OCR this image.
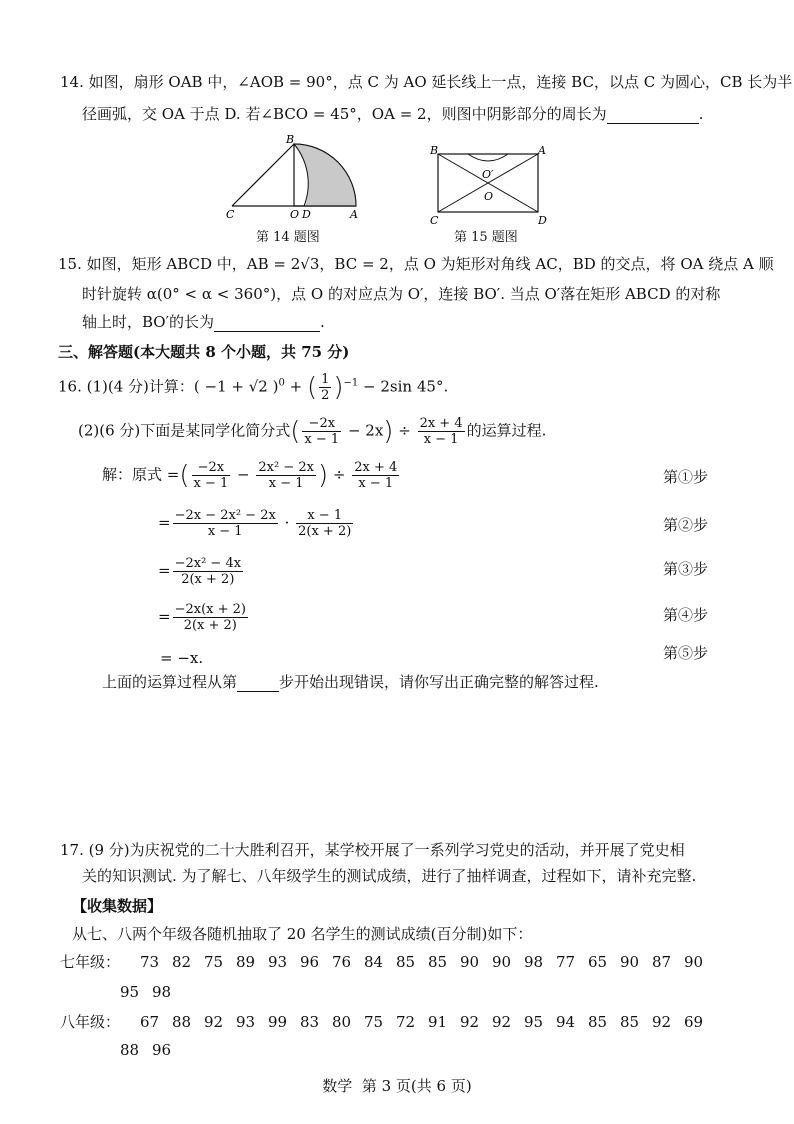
14. 如图，扇形 OAB 中，∠AOB = 90°，点 C 为 AO 延长线上一点，连接 BC，以点 C 为圆心，CB 长为半
径画弧，交 OA 于点 D. 若∠BCO = 45°，OA = 2，则图中阴影部分的周长为	.
B
C	O D	A
第 14 题图
B	A
C	D
O′
O
第 15 题图
15. 如图，矩形 ABCD 中，AB = 2√3，BC = 2，点 O 为矩形对角线 AC，BD 的交点，将 OA 绕点 A 顺
时针旋转 α(0° < α < 360°)，点 O 的对应点为 O′，连接 BO′. 当点 O′落在矩形 ABCD 的对称
轴上时，BO′的长为	.
三、解答题(本大题共 8 个小题，共 75 分)
16. (1)(4 分)计算：( −1 + √2 )$^0$ + ( $\frac{1}{2} )^{-1} - 2\sin$ 45°.
(2)(6 分)下面是某同学化简分式( $\frac{-2x}{x - 1} - 2x) \div \frac{2x + 4}{x - 1}$ 的运算过程.
解：原式 =( $\frac{-2x}{x - 1} - \frac{\text{2x² − 2x}}{x - 1}$ ) ÷ $\frac{2x + 4}{x - 1}$	第①步
= $\frac{\text{−2x − 2x² − 2x}}{x - 1} \cdot \frac{x - 1}{2(x + 2)}$	第②步
= $\frac{\text{−2x² − 4x}}{2(x + 2)}$	第③步
= $\frac{-2x(x + 2)}{2(x + 2)}$	第④步
= −x.	第⑤步
上面的运算过程从第	步开始出现错误，请你写出正确完整的解答过程.
17. (9 分)为庆祝党的二十大胜利召开，某学校开展了一系列学习党史的活动，并开展了党史相
关的知识测试. 为了解七、八年级学生的测试成绩，进行了抽样调查，过程如下，请补充完整.
【收集数据】
从七、八两个年级各随机抽取了 20 名学生的测试成绩(百分制)如下：
七年级： 73 82 75 89 93 96 76 84 85 85 90 90 98 77 65 90 87 90
95 98
八年级： 67 88 92 93 99 83 80 75 72 91 92 92 95 94 85 85 92 69
88 96
数学  第 3 页(共 6 页)
